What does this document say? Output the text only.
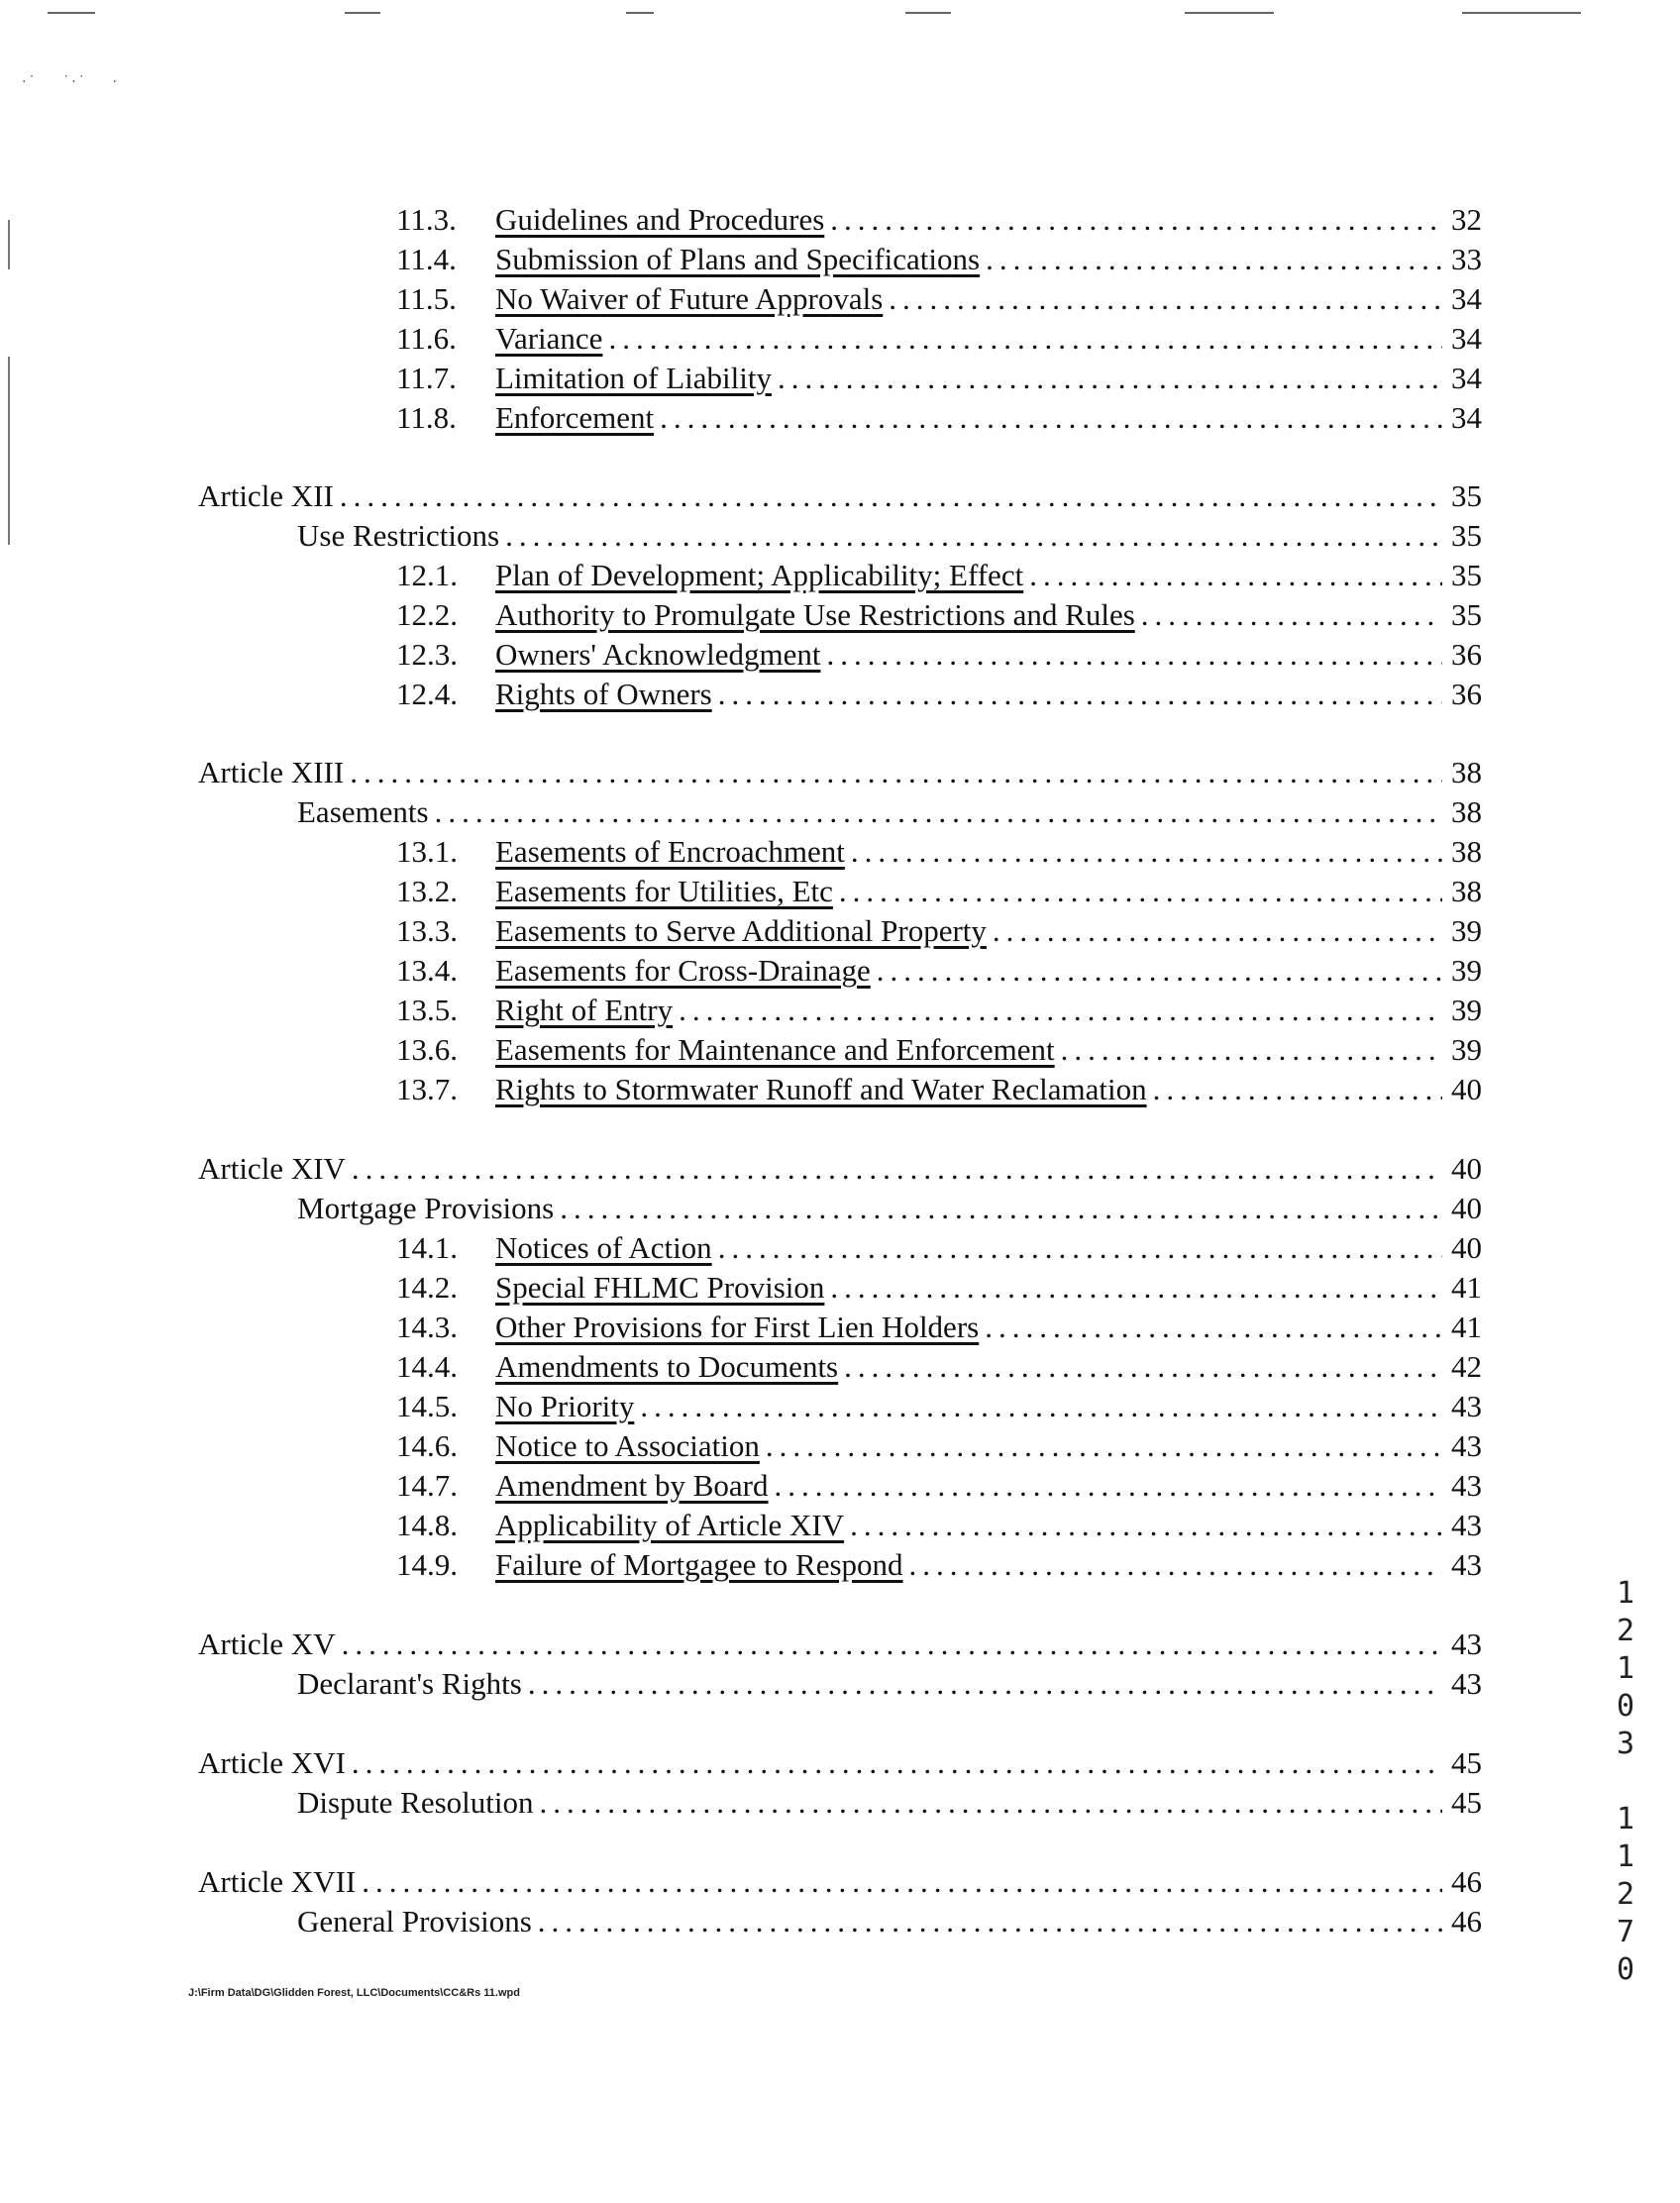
·˙    ˙·˙    ·
11.3.	Guidelines and Procedures .....	32
11.4.	Submission of Plans and Specifications .....	33
11.5.	No Waiver of Future Approvals .....	34
11.6.	Variance .....	34
11.7.	Limitation of Liability .....	34
11.8.	Enforcement .....	34
Article XII .....	35
Use Restrictions .....	35
12.1.	Plan of Development; Applicability; Effect .....	35
12.2.	Authority to Promulgate Use Restrictions and Rules .....	35
12.3.	Owners' Acknowledgment .....	36
12.4.	Rights of Owners .....	36
Article XIII .....	38
Easements .....	38
13.1.	Easements of Encroachment .....	38
13.2.	Easements for Utilities, Etc .....	38
13.3.	Easements to Serve Additional Property .....	39
13.4.	Easements for Cross-Drainage .....	39
13.5.	Right of Entry .....	39
13.6.	Easements for Maintenance and Enforcement .....	39
13.7.	Rights to Stormwater Runoff and Water Reclamation .....	40
Article XIV .....	40
Mortgage Provisions .....	40
14.1.	Notices of Action .....	40
14.2.	Special FHLMC Provision .....	41
14.3.	Other Provisions for First Lien Holders .....	41
14.4.	Amendments to Documents .....	42
14.5.	No Priority .....	43
14.6.	Notice to Association .....	43
14.7.	Amendment by Board .....	43
14.8.	Applicability of Article XIV .....	43
14.9.	Failure of Mortgagee to Respond .....	43
Article XV .....	43
Declarant's Rights .....	43
Article XVI .....	45
Dispute Resolution .....	45
Article XVII .....	46
General Provisions .....	46
1
2
1
0
3
1
1
2
7
0
J:\Firm Data\DG\Glidden Forest, LLC\Documents\CC&Rs 11.wpd
